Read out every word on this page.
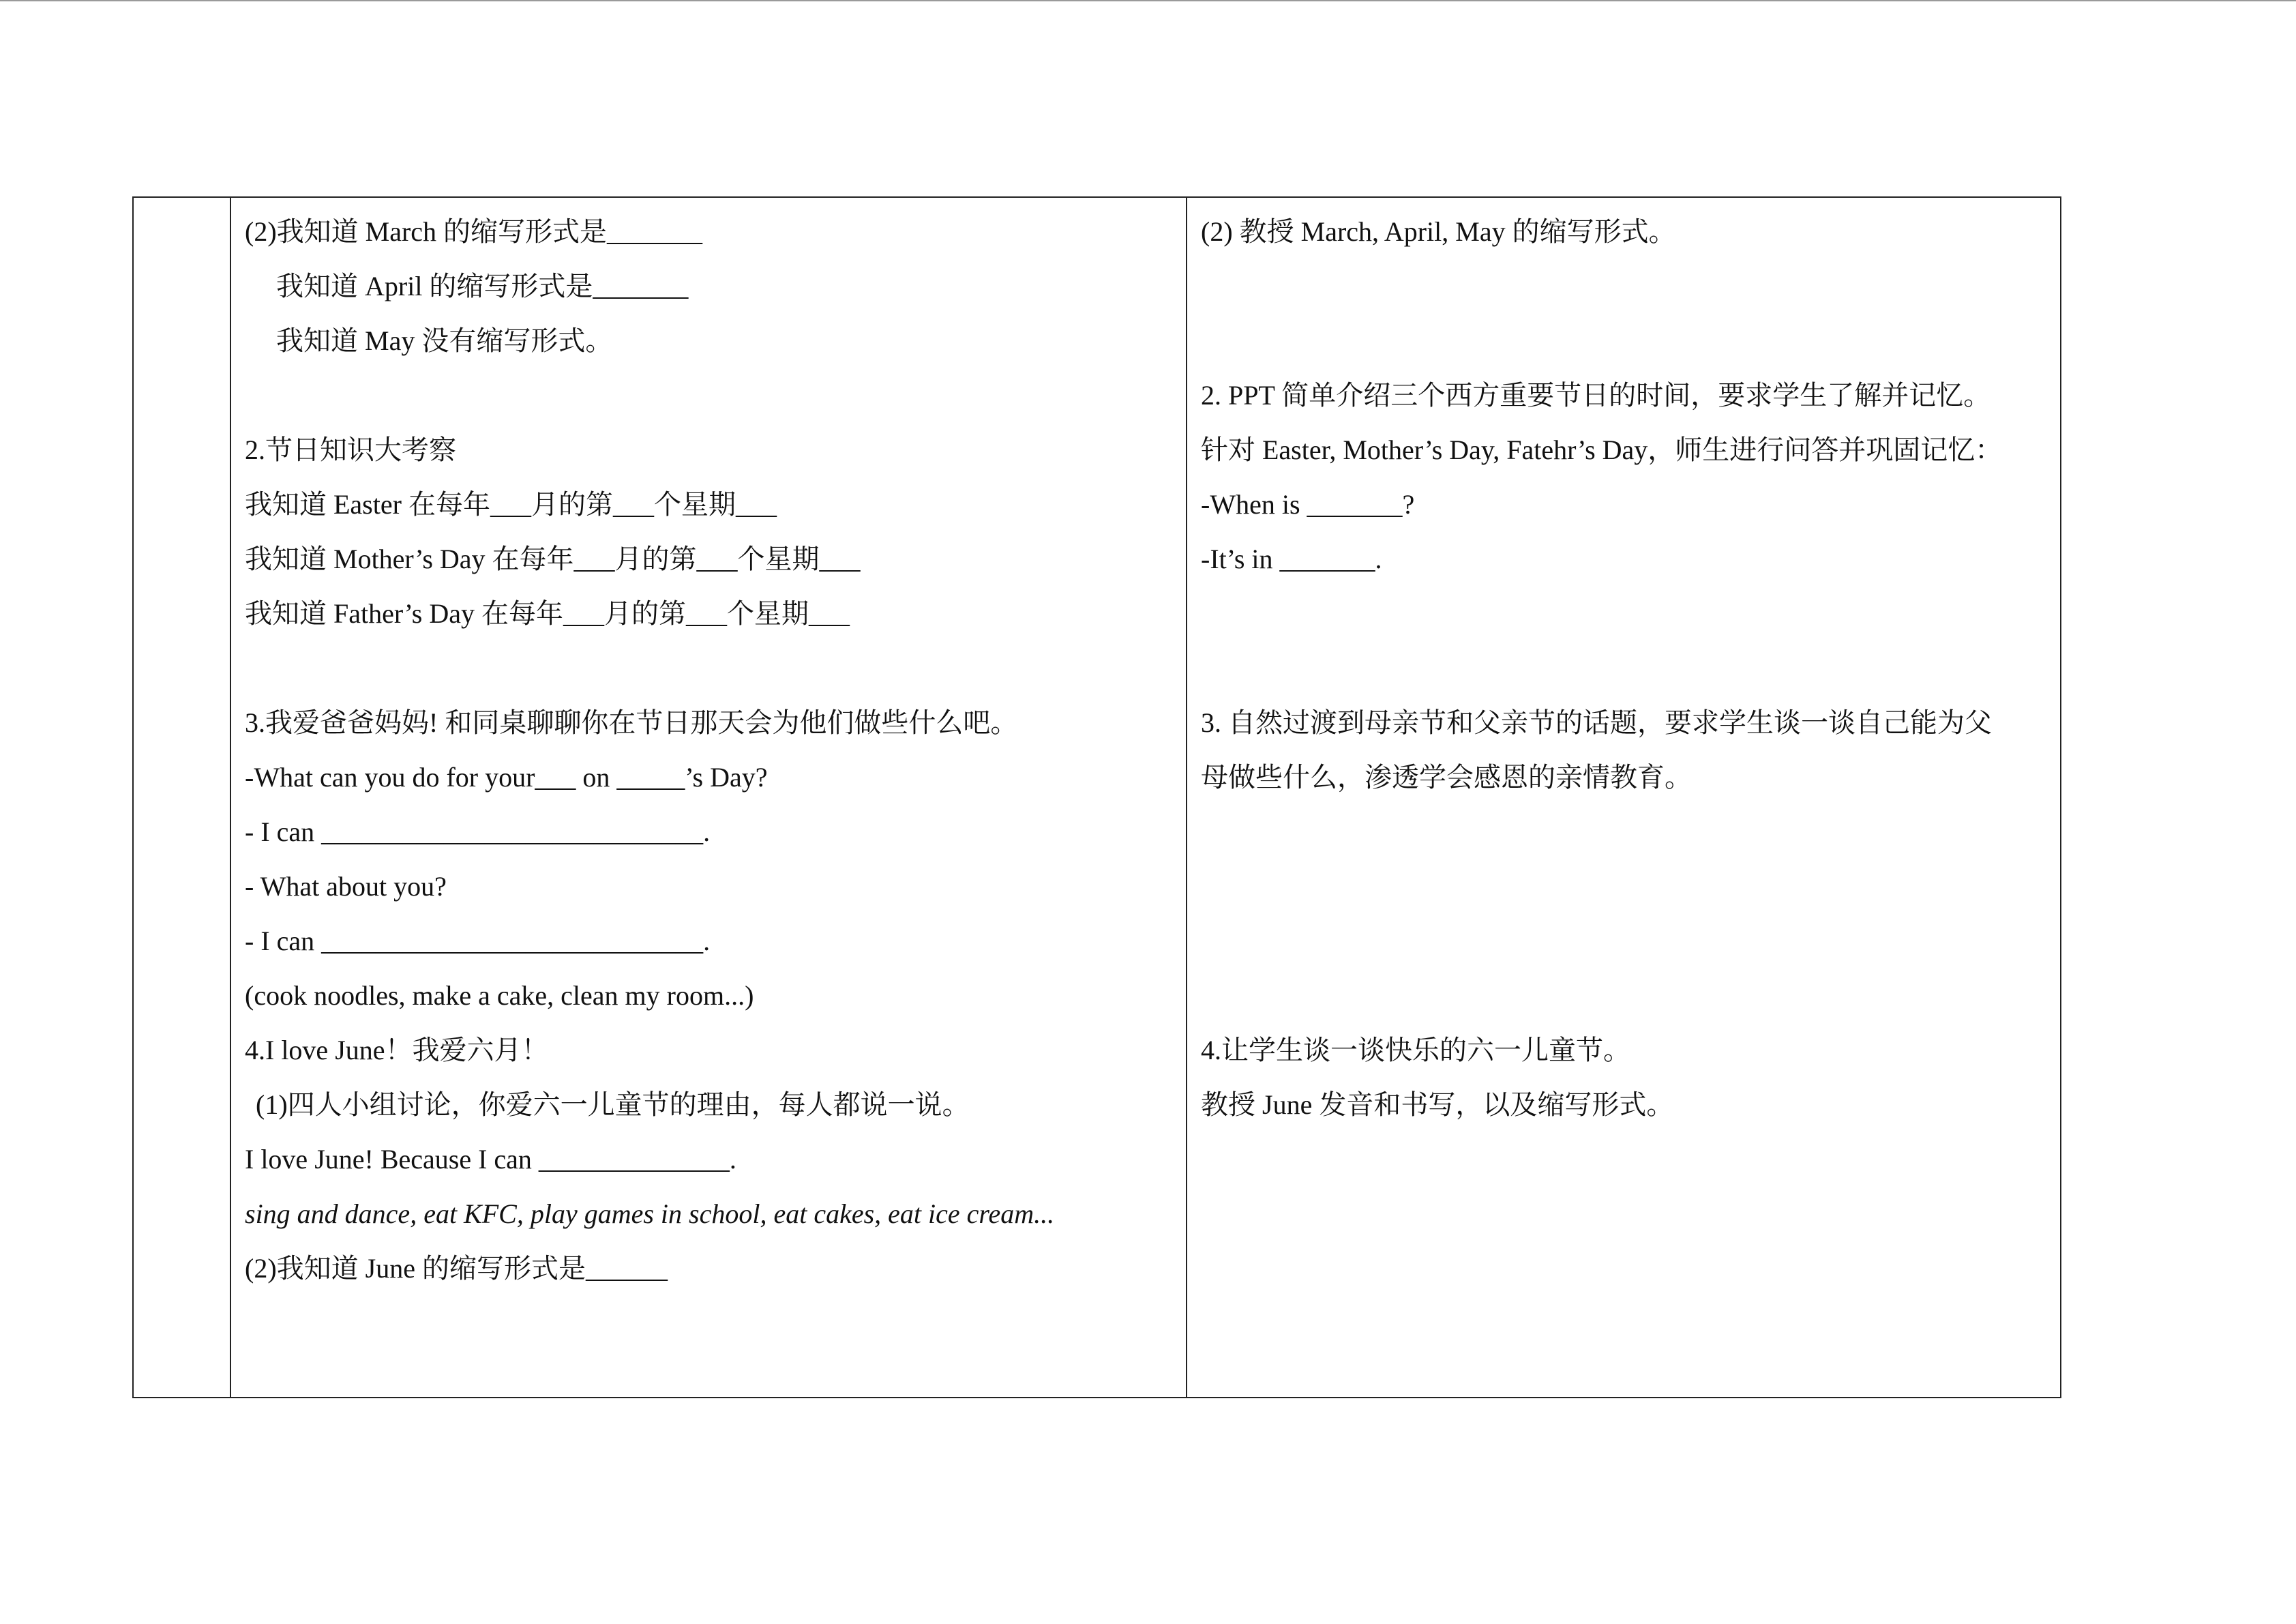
(2)我知道 March 的缩写形式是_______
我知道 April 的缩写形式是_______
我知道 May 没有缩写形式。
2.节日知识大考察
我知道 Easter 在每年___月的第___个星期___
我知道 Mother’s Day 在每年___月的第___个星期___
我知道 Father’s Day 在每年___月的第___个星期___
3.我爱爸爸妈妈! 和同桌聊聊你在节日那天会为他们做些什么吧。
-What can you do for your___ on _____’s Day?
- I can ____________________________.
- What about you?
- I can ____________________________.
(cook noodles, make a cake, clean my room...)
4.I love June！我爱六月！
(1)四人小组讨论，你爱六一儿童节的理由，每人都说一说。
I love June! Because I can ______________.
sing and dance, eat KFC, play games in school, eat cakes, eat ice cream...
(2)我知道 June 的缩写形式是______
(2) 教授 March, April, May 的缩写形式。
2. PPT 简单介绍三个西方重要节日的时间，要求学生了解并记忆。
针对 Easter, Mother’s Day, Fatehr’s Day，师生进行问答并巩固记忆：
-When is _______?
-It’s in _______.
3. 自然过渡到母亲节和父亲节的话题，要求学生谈一谈自己能为父
母做些什么，渗透学会感恩的亲情教育。
4.让学生谈一谈快乐的六一儿童节。
教授 June 发音和书写，以及缩写形式。
